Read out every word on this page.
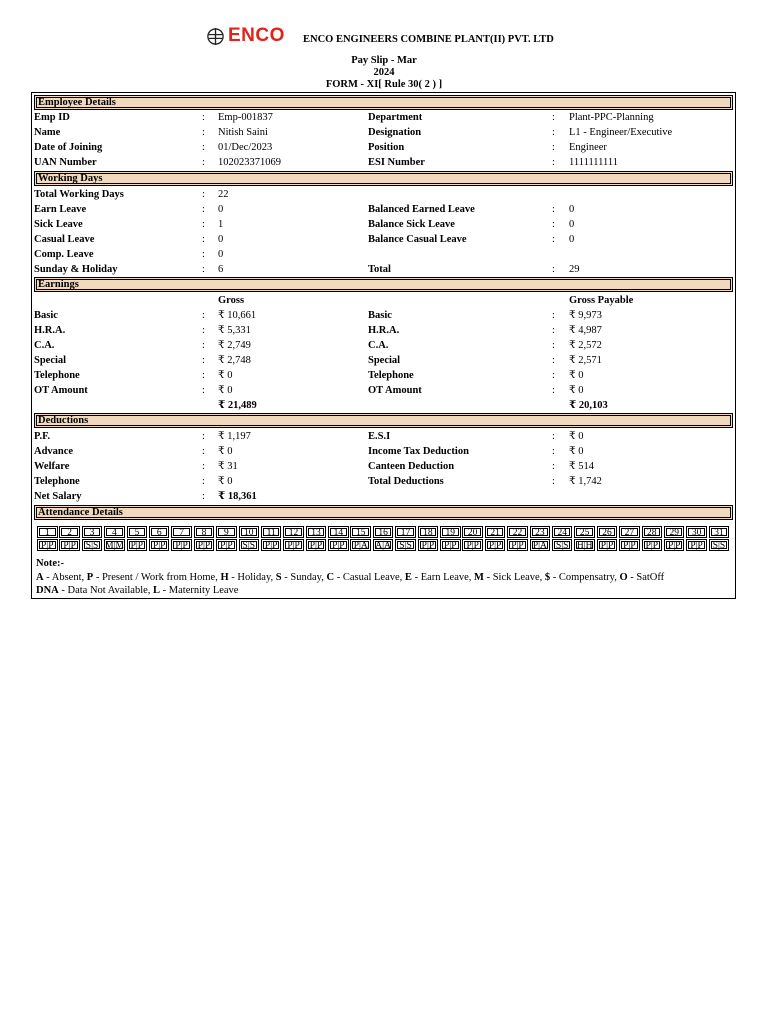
ENCO ENCO ENGINEERS COMBINE PLANT(II) PVT. LTD
Pay Slip - Mar
2024
FORM - XI[ Rule 30( 2 ) ]
Employee Details
Emp ID	: Emp-001837	Department	: Plant-PPC-Planning
Name	: Nitish Saini	Designation	: L1 - Engineer/Executive
Date of Joining	: 01/Dec/2023	Position	: Engineer
UAN Number	: 102023371069	ESI Number	: 1111111111
Working Days
Total Working Days	: 22
Earn Leave	: 0	Balanced Earned Leave	: 0
Sick Leave	: 1	Balance Sick Leave	: 0
Casual Leave	: 0	Balance Casual Leave	: 0
Comp. Leave	: 0
Sunday & Holiday	: 6	Total	: 29
Earnings
Gross	Gross Payable
Basic	: ₹ 10,661	Basic	: ₹ 9,973
H.R.A.	: ₹ 5,331	H.R.A.	: ₹ 4,987
C.A.	: ₹ 2,749	C.A.	: ₹ 2,572
Special	: ₹ 2,748	Special	: ₹ 2,571
Telephone	: ₹ 0	Telephone	: ₹ 0
OT Amount	: ₹ 0	OT Amount	: ₹ 0
₹ 21,489	₹ 20,103
Deductions
P.F.	: ₹ 1,197	E.S.I	: ₹ 0
Advance	: ₹ 0	Income Tax Deduction	: ₹ 0
Welfare	: ₹ 31	Canteen Deduction	: ₹ 514
Telephone	: ₹ 0	Total Deductions	: ₹ 1,742
Net Salary	: ₹ 18,361
Attendance Details
1
P|P
2
P|P
3
S|S
4
M|M
5
P|P
6
P|P
7
P|P
8
P|P
9
P|P
10
S|S
11
P|P
12
P|P
13
P|P
14
P|P
15
P|A
16
A|A
17
S|S
18
P|P
19
P|P
20
P|P
21
P|P
22
P|P
23
P|A
24
S|S
25
H|H
26
P|P
27
P|P
28
P|P
29
P|P
30
P|P
31
S|S
Note:-
A - Absent, P - Present / Work from Home, H - Holiday, S - Sunday, C - Casual Leave, E - Earn Leave, M - Sick Leave, $ - Compensatry, O - SatOff
DNA - Data Not Available, L - Maternity Leave
